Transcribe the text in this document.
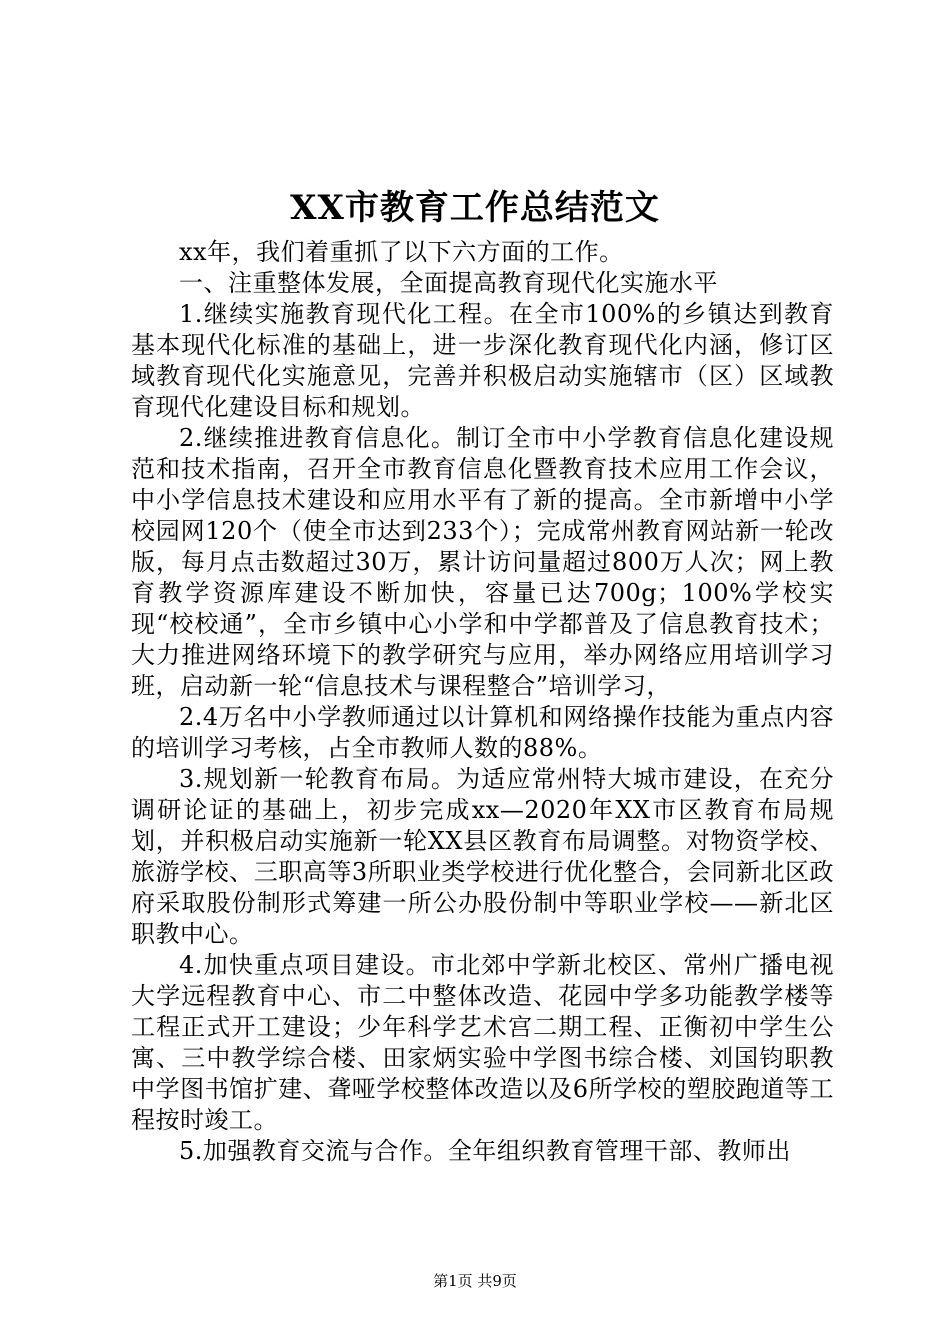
XX市教育工作总结范文

xx年，我们着重抓了以下六方面的工作。

一、注重整体发展，全面提高教育现代化实施水平

1.继续实施教育现代化工程。在全市100%的乡镇达到教育基本现代化标准的基础上，进一步深化教育现代化内涵，修订区域教育现代化实施意见，完善并积极启动实施辖市（区）区域教育现代化建设目标和规划。

2.继续推进教育信息化。制订全市中小学教育信息化建设规范和技术指南，召开全市教育信息化暨教育技术应用工作会议，中小学信息技术建设和应用水平有了新的提高。全市新增中小学校园网120个（使全市达到233个）；完成常州教育网站新一轮改版，每月点击数超过30万，累计访问量超过800万人次；网上教育教学资源库建设不断加快，容量已达700g；100%学校实现“校校通”，全市乡镇中心小学和中学都普及了信息教育技术；大力推进网络环境下的教学研究与应用，举办网络应用培训学习班，启动新一轮“信息技术与课程整合”培训学习，

2.4万名中小学教师通过以计算机和网络操作技能为重点内容的培训学习考核，占全市教师人数的88%。

3.规划新一轮教育布局。为适应常州特大城市建设，在充分调研论证的基础上，初步完成xx—2020年XX市区教育布局规划，并积极启动实施新一轮XX县区教育布局调整。对物资学校、旅游学校、三职高等3所职业类学校进行优化整合，会同新北区政府采取股份制形式筹建一所公办股份制中等职业学校——新北区职教中心。

4.加快重点项目建设。市北郊中学新北校区、常州广播电视大学远程教育中心、市二中整体改造、花园中学多功能教学楼等工程正式开工建设；少年科学艺术宫二期工程、正衡初中学生公寓、三中教学综合楼、田家炳实验中学图书综合楼、刘国钧职教中学图书馆扩建、聋哑学校整体改造以及6所学校的塑胶跑道等工程按时竣工。

5.加强教育交流与合作。全年组织教育管理干部、教师出

第1页 共9页
